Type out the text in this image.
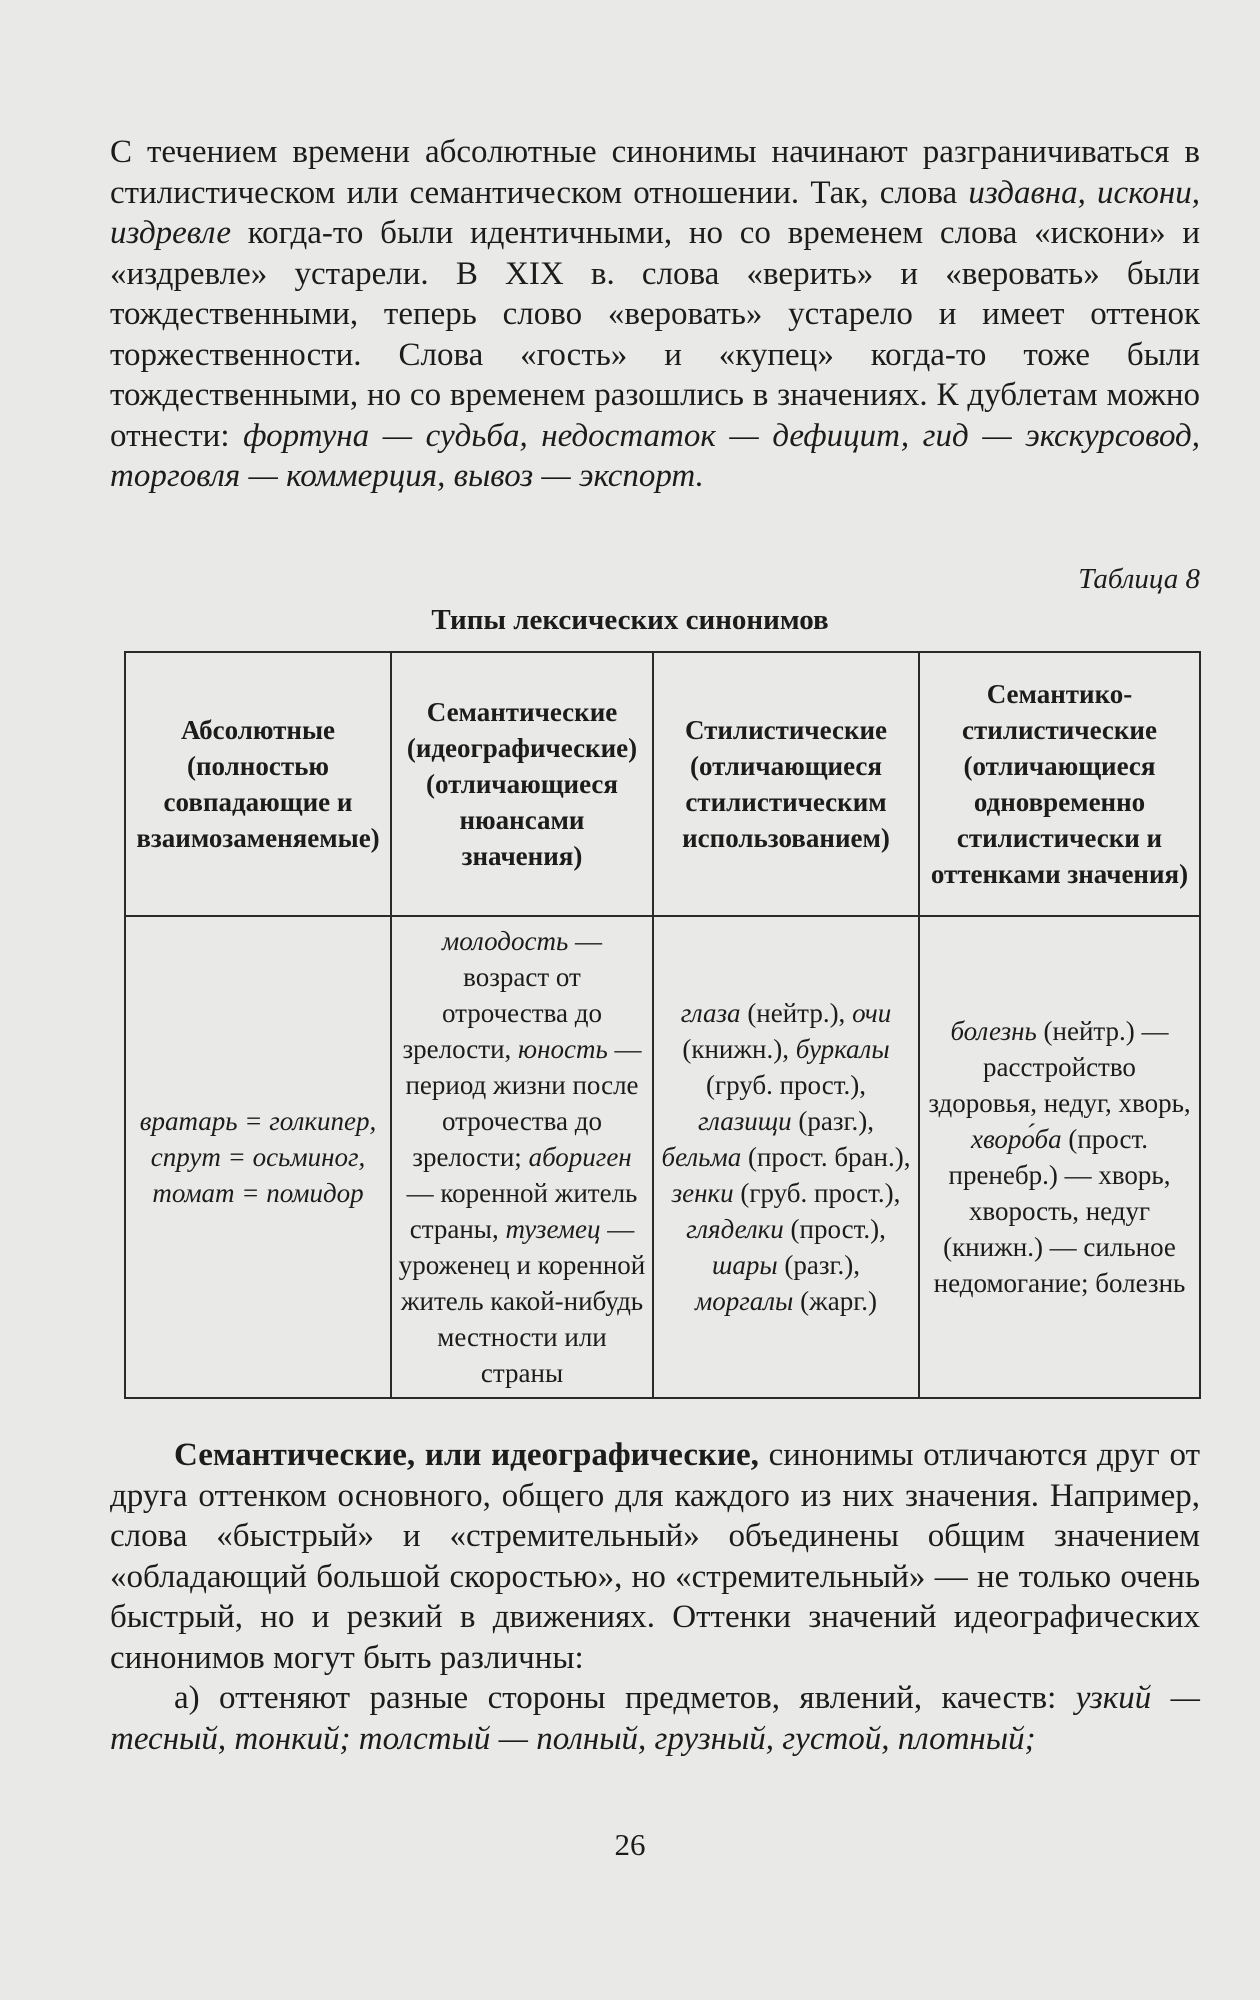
С течением времени абсолютные синонимы начинают разграничиваться в стилистическом или семантическом отношении. Так, слова издавна, искони, издревле когда-то были идентичными, но со временем слова «искони» и «издревле» устарели. В XIX в. слова «верить» и «веровать» были тождественными, теперь слово «веровать» устарело и имеет оттенок торжественности. Слова «гость» и «купец» когда-то тоже были тождественными, но со временем разошлись в значениях. К дублетам можно отнести: фортуна — судьба, недостаток — дефицит, гид — экскурсовод, торговля — коммерция, вывоз — экспорт.

Таблица 8
Типы лексических синонимов
Абсолютные (полностью совпадающие и взаимозаменяемые)	Семантические (идеографические) (отличающиеся нюансами значения)	Стилистические (отличающиеся стилистическим использованием)	Семантико-стилистические (отличающиеся одновременно стилистически и оттенками значения)
вратарь = голкипер, спрут = осьминог, томат = помидор	молодость — возраст от отрочества до зрелости, юность — период жизни после отрочества до зрелости; абориген — коренной житель страны, туземец — уроженец и коренной житель какой-нибудь местности или страны	глаза (нейтр.), очи (книжн.), буркалы (груб. прост.), глазищи (разг.), бельма (прост. бран.), зенки (груб. прост.), гляделки (прост.), шары (разг.), моргалы (жарг.)	болезнь (нейтр.) — расстройство здоровья, недуг, хворь, хворо́ба (прост. пренебр.) — хворь, хворость, недуг (книжн.) — сильное недомогание; болезнь

Семантические, или идеографические, синонимы отличаются друг от друга оттенком основного, общего для каждого из них значения. Например, слова «быстрый» и «стремительный» объединены общим значением «обладающий большой скоростью», но «стремительный» — не только очень быстрый, но и резкий в движениях. Оттенки значений идеографических синонимов могут быть различны:

а) оттеняют разные стороны предметов, явлений, качеств: узкий — тесный, тонкий; толстый — полный, грузный, густой, плотный;

26
